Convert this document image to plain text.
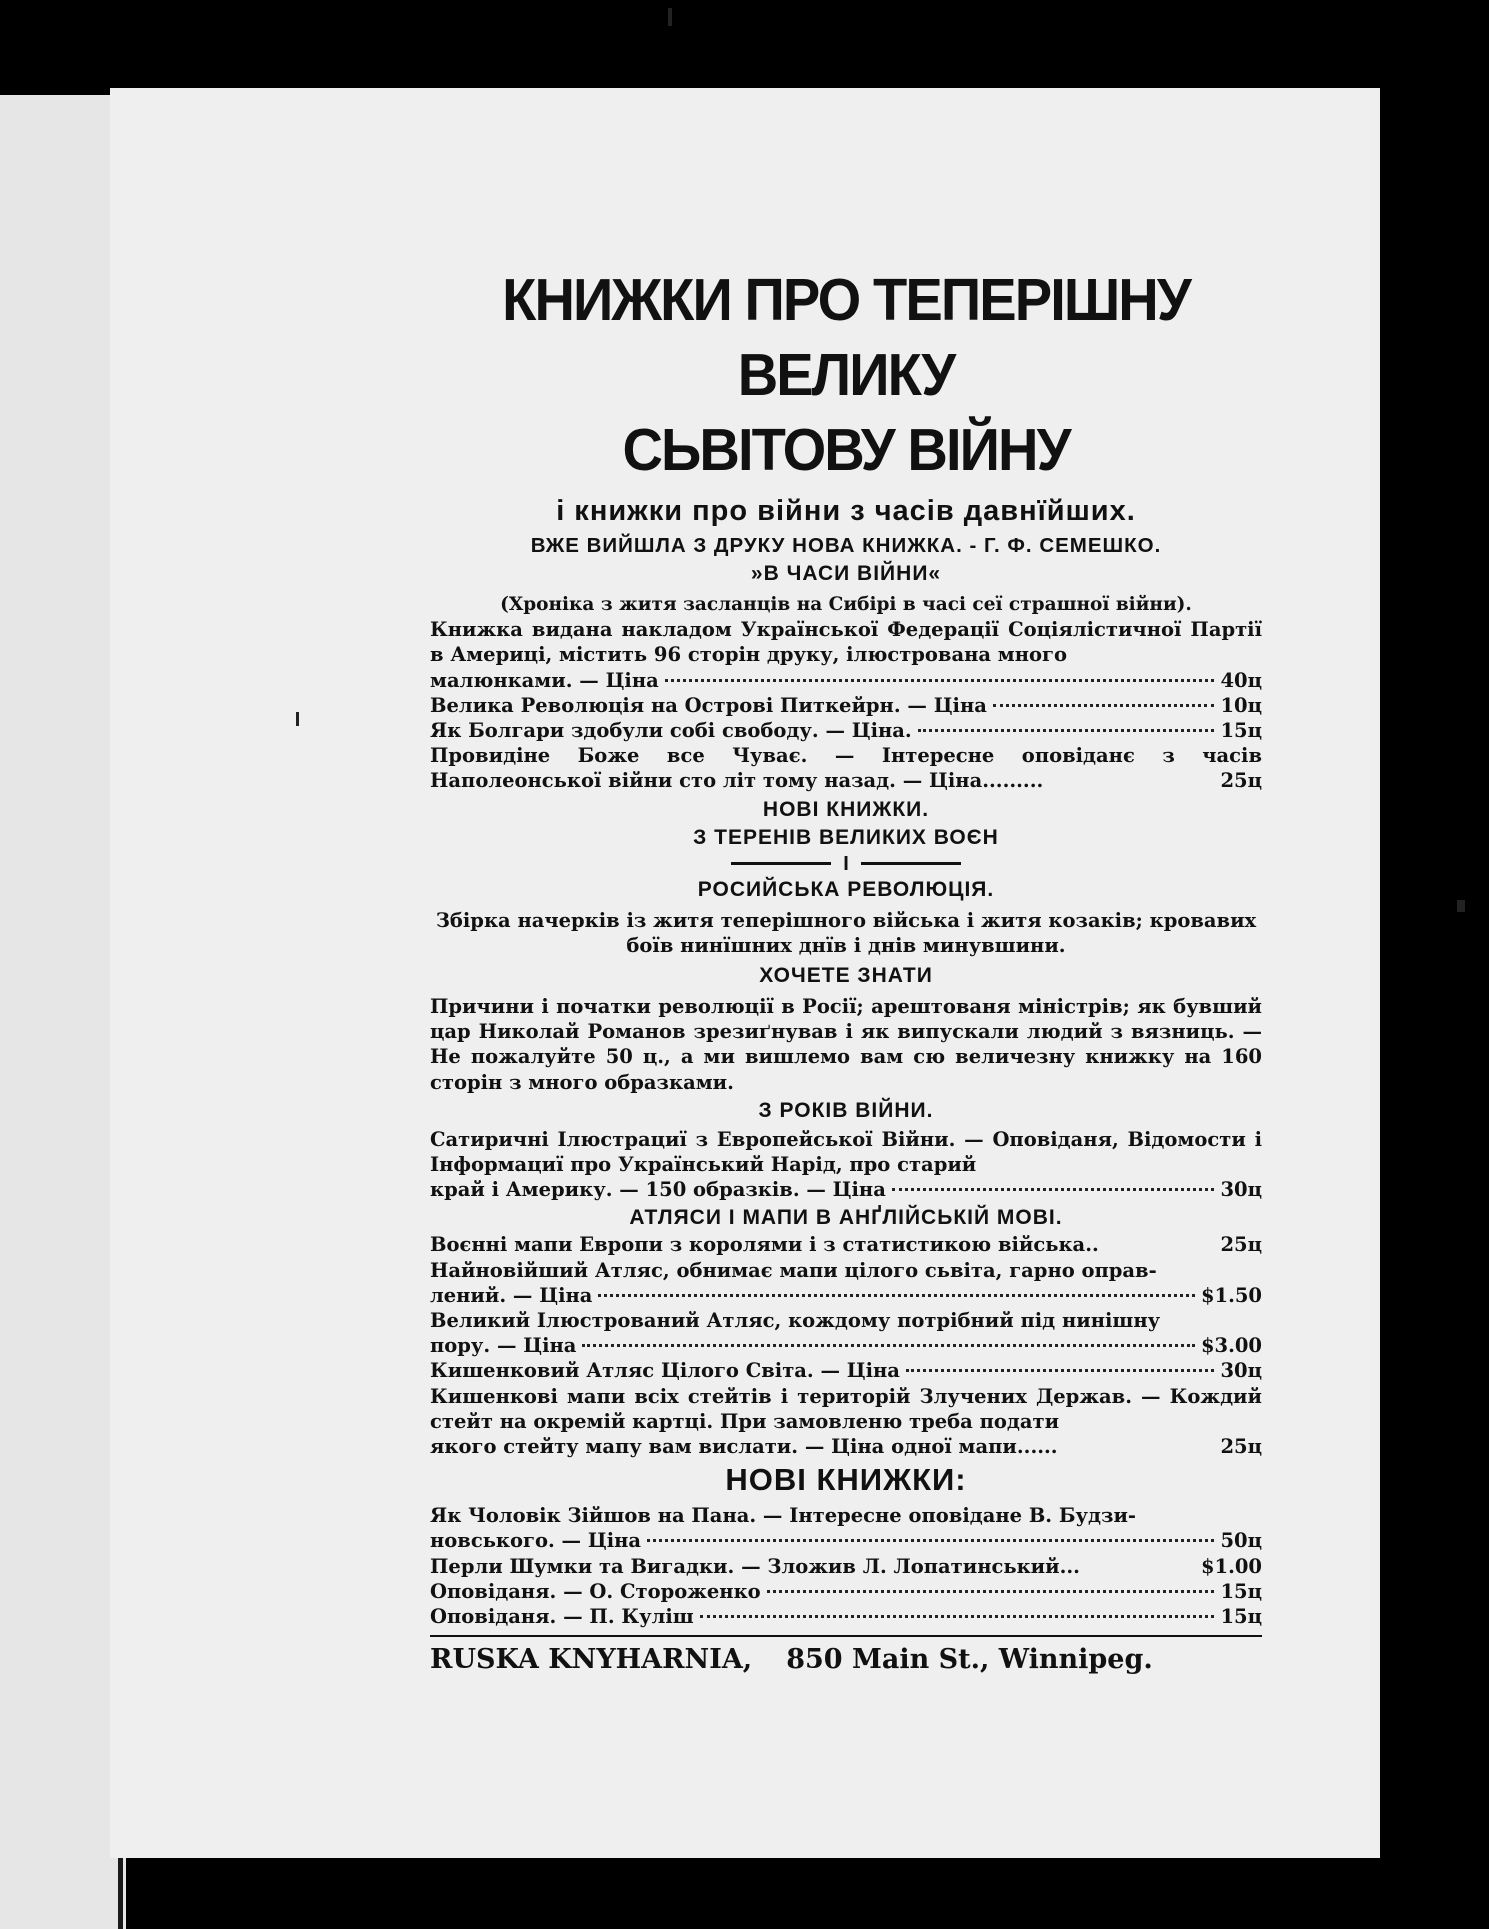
КНИЖКИ ПРО ТЕПЕРІШНУ ВЕЛИКУ
СЬВІТОВУ ВІЙНУ
і книжки про війни з часів давнїйших.
ВЖЕ ВИЙШЛА З ДРУКУ НОВА КНИЖКА. - Г. Ф. СЕМЕШКО.
»В ЧАСИ ВІЙНИ«
(Хроніка з житя засланців на Сибірі в часі сеї страшної війни).
Книжка видана накладом Української Федерації Соціялістичної Партії в Америці, містить 96 сторін друку, ілюстрована много
малюнками. — Ціна	40ц
Велика Революція на Острові Питкейрн. — Ціна	10ц
Як Болгари здобули собі свободу. — Ціна.	15ц
Провидіне Боже все Чуває. — Інтересне оповіданє з часів Наполеонської війни сто літ тому назад. — Ціна.........	25ц
НОВІ КНИЖКИ.
З ТЕРЕНІВ ВЕЛИКИХ ВОЄН
І
РОСИЙСЬКА РЕВОЛЮЦІЯ.
Збірка начерків із житя теперішного війська і житя козаків; кровавих боїв нинїшних днїв і днів минувшини.
ХОЧЕТЕ ЗНАТИ
Причини і початки революції в Росії; арештованя міністрів; як бувший цар Николай Романов зрезиґнував і як випускали людий з вязниць. — Не пожалуйте 50 ц., а ми вишлемо вам сю величезну книжку на 160 сторін з много образками.
З РОКІВ ВІЙНИ.
Сатиричні Ілюстрациї з Европейської Війни. — Оповіданя, Відомости і Інформациї про Український Нарід, про старий
край і Америку. — 150 образків. — Ціна	30ц
АТЛЯСИ І МАПИ В АНҐЛІЙСЬКІЙ МОВІ.
Воєнні мапи Европи з королями і з статистикою війська..	25ц
Найновійший Атляс, обнимає мапи цілого сьвіта, гарно оправ-
лений. — Ціна	$1.50
Великий Ілюстрований Атляс, кождому потрібний під нинішну
пору. — Ціна	$3.00
Кишенковий Атляс Цілого Світа. — Ціна	30ц
Кишенкові мапи всіх стейтів і територій Злучених Держав. — Кождий стейт на окремій картці. При замовленю треба подати
якого стейту мапу вам вислати. — Ціна одної мапи......	25ц
НОВІ КНИЖКИ:
Як Чоловік Зійшов на Пана. — Інтересне оповідане В. Будзи-
новського. — Ціна	50ц
Перли Шумки та Вигадки. — Зложив Л. Лопатинський...	$1.00
Оповіданя. — О. Стороженко	15ц
Оповіданя. — П. Куліш	15ц
RUSKA KNYHARNIA, 850 Main St., Winnipeg.
